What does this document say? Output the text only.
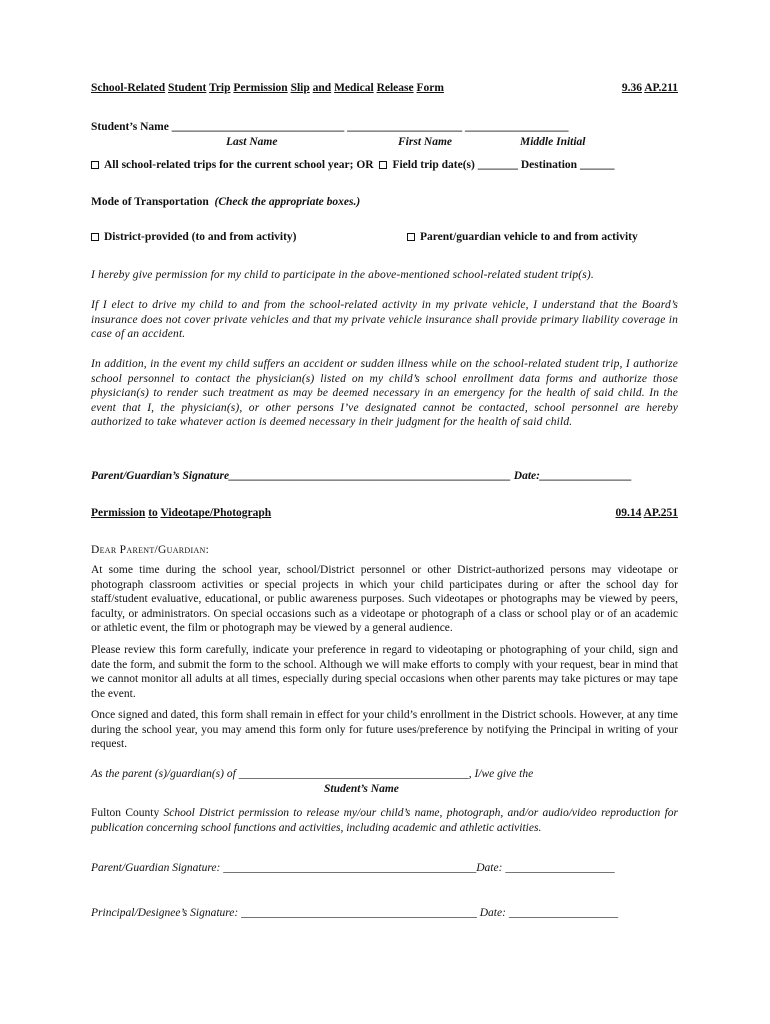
School-Related Student Trip Permission Slip and Medical Release Form	9.36 AP.211
Student’s Name ______________________________ ____________________ __________________
Last Name	First Name	Middle Initial
All school-related trips for the current school year; OR Field trip date(s) _______ Destination ______
Mode of Transportation (Check the appropriate boxes.)
District-provided (to and from activity)	Parent/guardian vehicle to and from activity
I hereby give permission for my child to participate in the above-mentioned school-related student trip(s).
If I elect to drive my child to and from the school-related activity in my private vehicle, I understand that the Board’s insurance does not cover private vehicles and that my private vehicle insurance shall provide primary liability coverage in case of an accident.
In addition, in the event my child suffers an accident or sudden illness while on the school-related student trip, I authorize school personnel to contact the physician(s) listed on my child’s school enrollment data forms and authorize those physician(s) to render such treatment as may be deemed necessary in an emergency for the health of said child. In the event that I, the physician(s), or other persons I’ve designated cannot be contacted, school personnel are hereby authorized to take whatever action is deemed necessary in their judgment for the health of said child.
Parent/Guardian’s Signature_________________________________________________ Date:________________
Permission to Videotape/Photograph	09.14 AP.251
Dear Parent/Guardian:
At some time during the school year, school/District personnel or other District-authorized persons may videotape or photograph classroom activities or special projects in which your child participates during or after the school day for staff/student evaluative, educational, or public awareness purposes. Such videotapes or photographs may be viewed by peers, faculty, or administrators. On special occasions such as a videotape or photograph of a class or school play or of an academic or athletic event, the film or photograph may be viewed by a general audience.
Please review this form carefully, indicate your preference in regard to videotaping or photographing of your child, sign and date the form, and submit the form to the school. Although we will make efforts to comply with your request, bear in mind that we cannot monitor all adults at all times, especially during special occasions when other parents may take pictures or may tape the event.
Once signed and dated, this form shall remain in effect for your child’s enrollment in the District schools. However, at any time during the school year, you may amend this form only for future uses/preference by notifying the Principal in writing of your request.
As the parent (s)/guardian(s) of ________________________________________, I/we give the
Student’s Name
Fulton County School District permission to release my/our child’s name, photograph, and/or audio/video reproduction for publication concerning school functions and activities, including academic and athletic activities.
Parent/Guardian Signature: ____________________________________________Date: ___________________
Principal/Designee’s Signature: _________________________________________ Date: ___________________
